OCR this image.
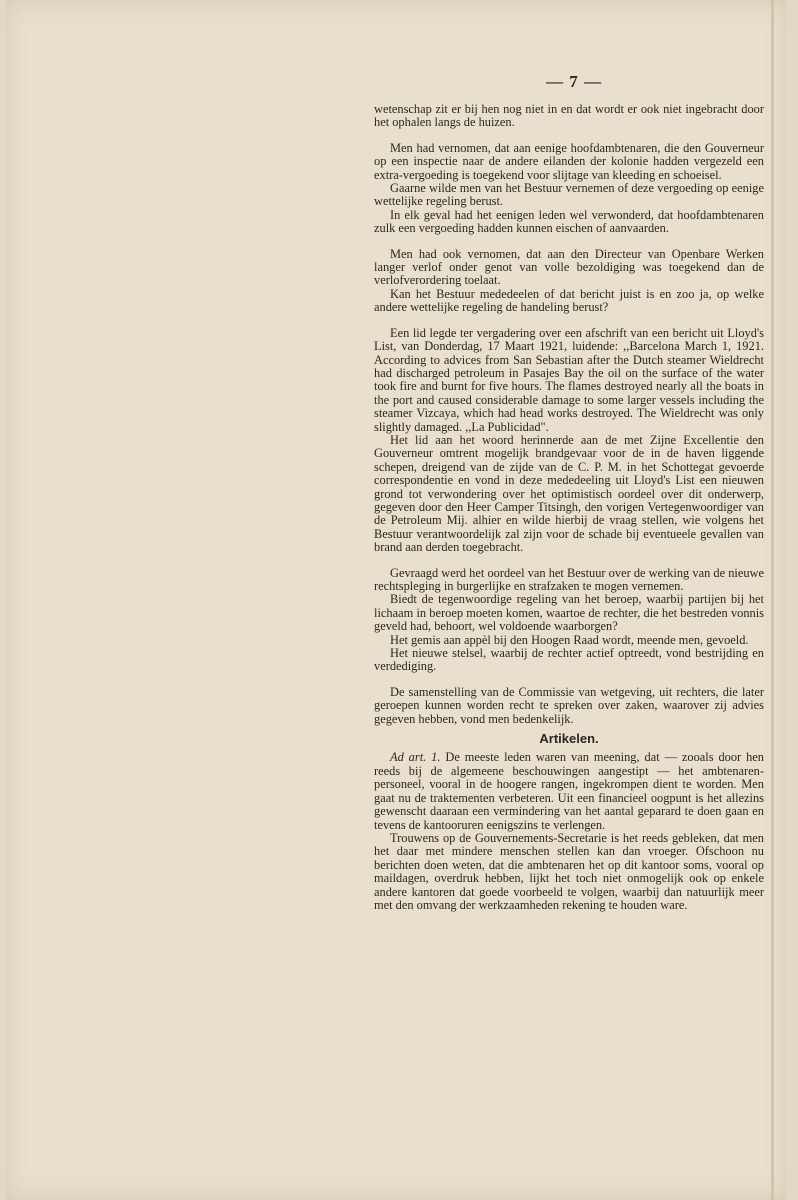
— 7 —

wetenschap zit er bij hen nog niet in en dat wordt er ook niet ingebracht door het ophalen langs de huizen.

Men had vernomen, dat aan eenige hoofdambtenaren, die den Gouverneur op een inspectie naar de andere eilanden der kolonie hadden vergezeld een extra-vergoeding is toegekend voor slijtage van kleeding en schoeisel.

Gaarne wilde men van het Bestuur vernemen of deze vergoeding op eenige wettelijke regeling berust.

In elk geval had het eenigen leden wel verwonderd, dat hoofdambtenaren zulk een vergoeding hadden kunnen eischen of aanvaarden.

Men had ook vernomen, dat aan den Directeur van Openbare Werken langer verlof onder genot van volle bezoldiging was toegekend dan de verlofverordering toelaat.

Kan het Bestuur mededeelen of dat bericht juist is en zoo ja, op welke andere wettelijke regeling de handeling berust?

Een lid legde ter vergadering over een afschrift van een bericht uit Lloyd's List, van Donderdag, 17 Maart 1921, luidende: ,,Barcelona March 1, 1921. According to advices from San Sebastian after the Dutch steamer Wieldrecht had discharged petroleum in Pasajes Bay the oil on the surface of the water took fire and burnt for five hours. The flames destroyed nearly all the boats in the port and caused considerable damage to some larger vessels including the steamer Vizcaya, which had head works destroyed. The Wieldrecht was only slightly damaged. ,,La Publicidad".

Het lid aan het woord herinnerde aan de met Zijne Excellentie den Gouverneur omtrent mogelijk brandgevaar voor de in de haven liggende schepen, dreigend van de zijde van de C. P. M. in het Schottegat gevoerde correspondentie en vond in deze mededeeling uit Lloyd's List een nieuwen grond tot verwondering over het optimistisch oordeel over dit onderwerp, gegeven door den Heer Camper Titsingh, den vorigen Vertegenwoordiger van de Petroleum Mij. alhier en wilde hierbij de vraag stellen, wie volgens het Bestuur verantwoordelijk zal zijn voor de schade bij eventueele gevallen van brand aan derden toegebracht.

Gevraagd werd het oordeel van het Bestuur over de werking van de nieuwe rechtspleging in burgerlijke en strafzaken te mogen vernemen.

Biedt de tegenwoordige regeling van het beroep, waarbij partijen bij het lichaam in beroep moeten komen, waartoe de rechter, die het bestreden vonnis geveld had, behoort, wel voldoende waarborgen?

Het gemis aan appèl bij den Hoogen Raad wordt, meende men, gevoeld.

Het nieuwe stelsel, waarbij de rechter actief optreedt, vond bestrijding en verdediging.

De samenstelling van de Commissie van wetgeving, uit rechters, die later geroepen kunnen worden recht te spreken over zaken, waarover zij advies gegeven hebben, vond men bedenkelijk.

Artikelen.

Ad art. 1. De meeste leden waren van meening, dat — zooals door hen reeds bij de algemeene beschouwingen aangestipt — het ambtenaren-personeel, vooral in de hoogere rangen, ingekrompen dient te worden. Men gaat nu de traktementen verbeteren. Uit een financieel oogpunt is het allezins gewenscht daaraan een vermindering van het aantal geparard te doen gaan en tevens de kantooruren eenigszins te verlengen.

Trouwens op de Gouvernements-Secretarie is het reeds gebleken, dat men het daar met mindere menschen stellen kan dan vroeger. Ofschoon nu berichten doen weten, dat die ambtenaren het op dit kantoor soms, vooral op maildagen, overdruk hebben, lijkt het toch niet onmogelijk ook op enkele andere kantoren dat goede voorbeeld te volgen, waarbij dan natuurlijk meer met den omvang der werkzaamheden rekening te houden ware.
